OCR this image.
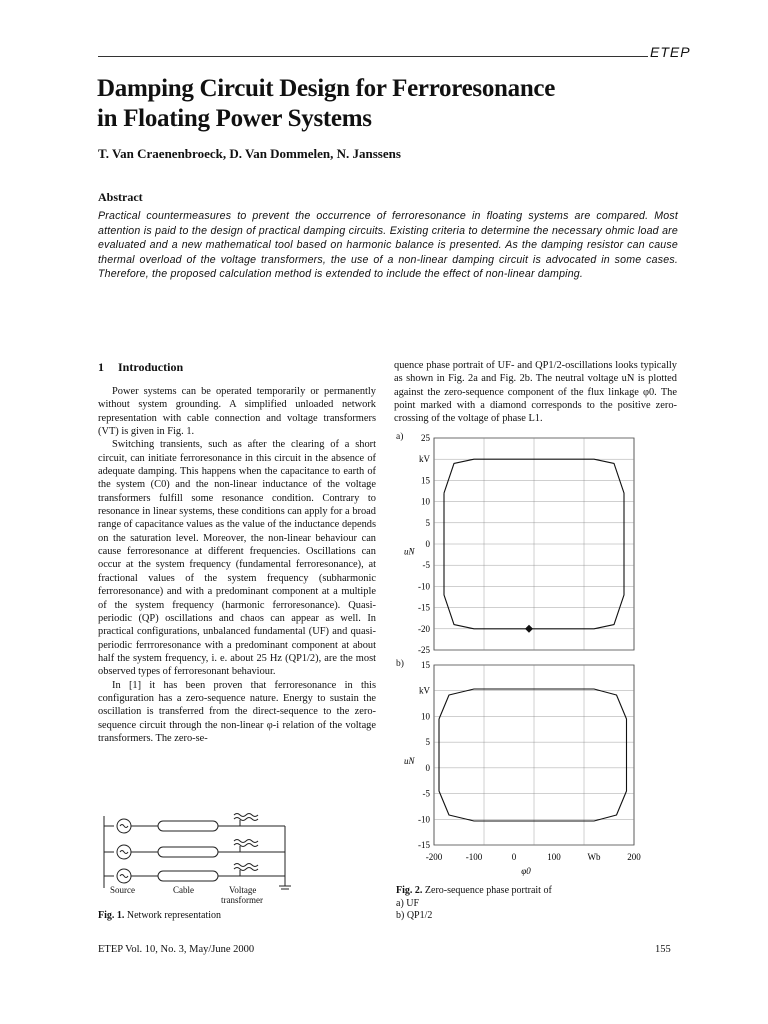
ETEP
Damping Circuit Design for Ferroresonance
in Floating Power Systems
T. Van Craenenbroeck, D. Van Dommelen, N. Janssens
Abstract
Practical countermeasures to prevent the occurrence of ferroresonance in floating systems are compared. Most attention is paid to the design of practical damping circuits. Existing criteria to determine the necessary ohmic load are evaluated and a new mathematical tool based on harmonic balance is presented. As the damping resistor can cause thermal overload of the voltage transformers, the use of a non-linear damping circuit is advocated in some cases. Therefore, the proposed calculation method is extended to include the effect of non-linear damping.
1 Introduction

Power systems can be operated temporarily or permanently without system grounding. A simplified unloaded network representation with cable connection and voltage transformers (VT) is given in Fig. 1.

Switching transients, such as after the clearing of a short circuit, can initiate ferroresonance in this circuit in the absence of adequate damping. This happens when the capacitance to earth of the system (C0) and the non-linear inductance of the voltage transformers fulfill some resonance condition. Contrary to resonance in linear systems, these conditions can apply for a broad range of capacitance values as the value of the inductance depends on the saturation level. Moreover, the non-linear behaviour can cause ferroresonance at different frequencies. Oscillations can occur at the system frequency (fundamental ferroresonance), at fractional values of the system frequency (subharmonic ferroresonance) and with a predominant component at a multiple of the system frequency (harmonic ferroresonance). Quasi-periodic (QP) oscillations and chaos can appear as well. In practical configurations, unbalanced fundamental (UF) and quasi-periodic ferrroresonance with a predominant component at about half the system frequency, i. e. about 25 Hz (QP1/2), are the most observed types of ferroresonant behaviour.

In [1] it has been proven that ferroresonance in this configuration has a zero-sequence nature. Energy to sustain the oscillation is transferred from the direct-sequence to the zero-sequence circuit through the non-linear φ-i relation of the voltage transformers. The zero-se-

quence phase portrait of UF- and QP1/2-oscillations looks typically as shown in Fig. 2a and Fig. 2b. The neutral voltage uN is plotted against the zero-sequence component of the flux linkage φ0. The point marked with a diamond corresponds to the positive zero-crossing of the voltage of phase L1.

Source	Cable	Voltage
transformer
Fig. 1. Network representation
a)
b)
25
kV
15
10
5
0
-5
-10
-15
-20
-25
uN
15
kV
10
5
0
-5
-10
-15
uN
-200	-100	0	100	Wb	200
φ0
Fig. 2. Zero-sequence phase portrait of
a) UF
b) QP1/2
ETEP Vol. 10, No. 3, May/June 2000	155
